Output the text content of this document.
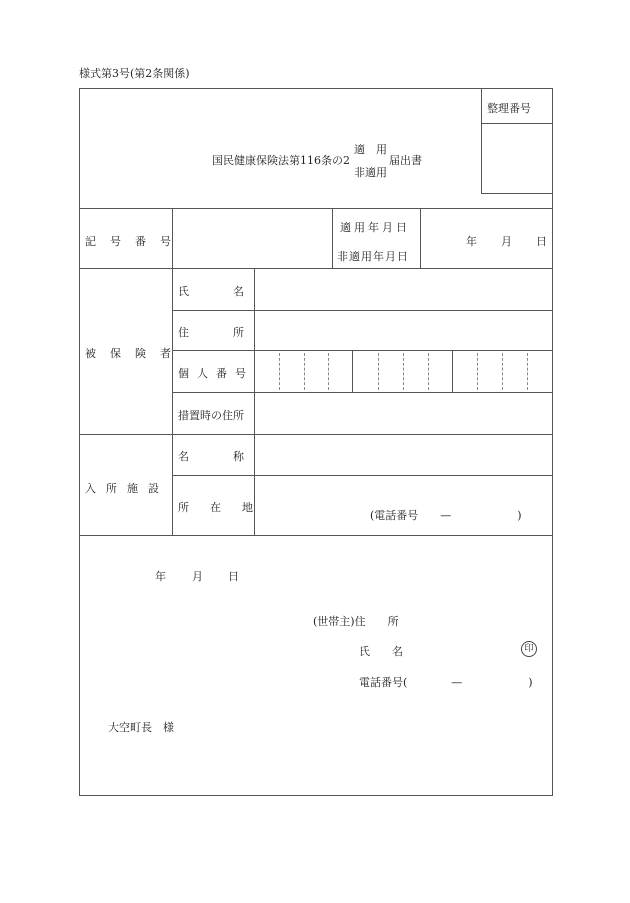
様式第3号(第2条関係)
整理番号
国民健康保険法第116条の2
適　用
非適用
届出書
記号番号
適用年月日
非適用年月日
年 月 日
被保険者
氏名
住所
個人番号
措置時の住所
入所施設
名称
所在地
(電話番号　　—　　　　　　)
年 月 日
(世帯主)住　　所
氏　　名	印
電話番号(　　　　—　　　　　　)
大空町長　様
